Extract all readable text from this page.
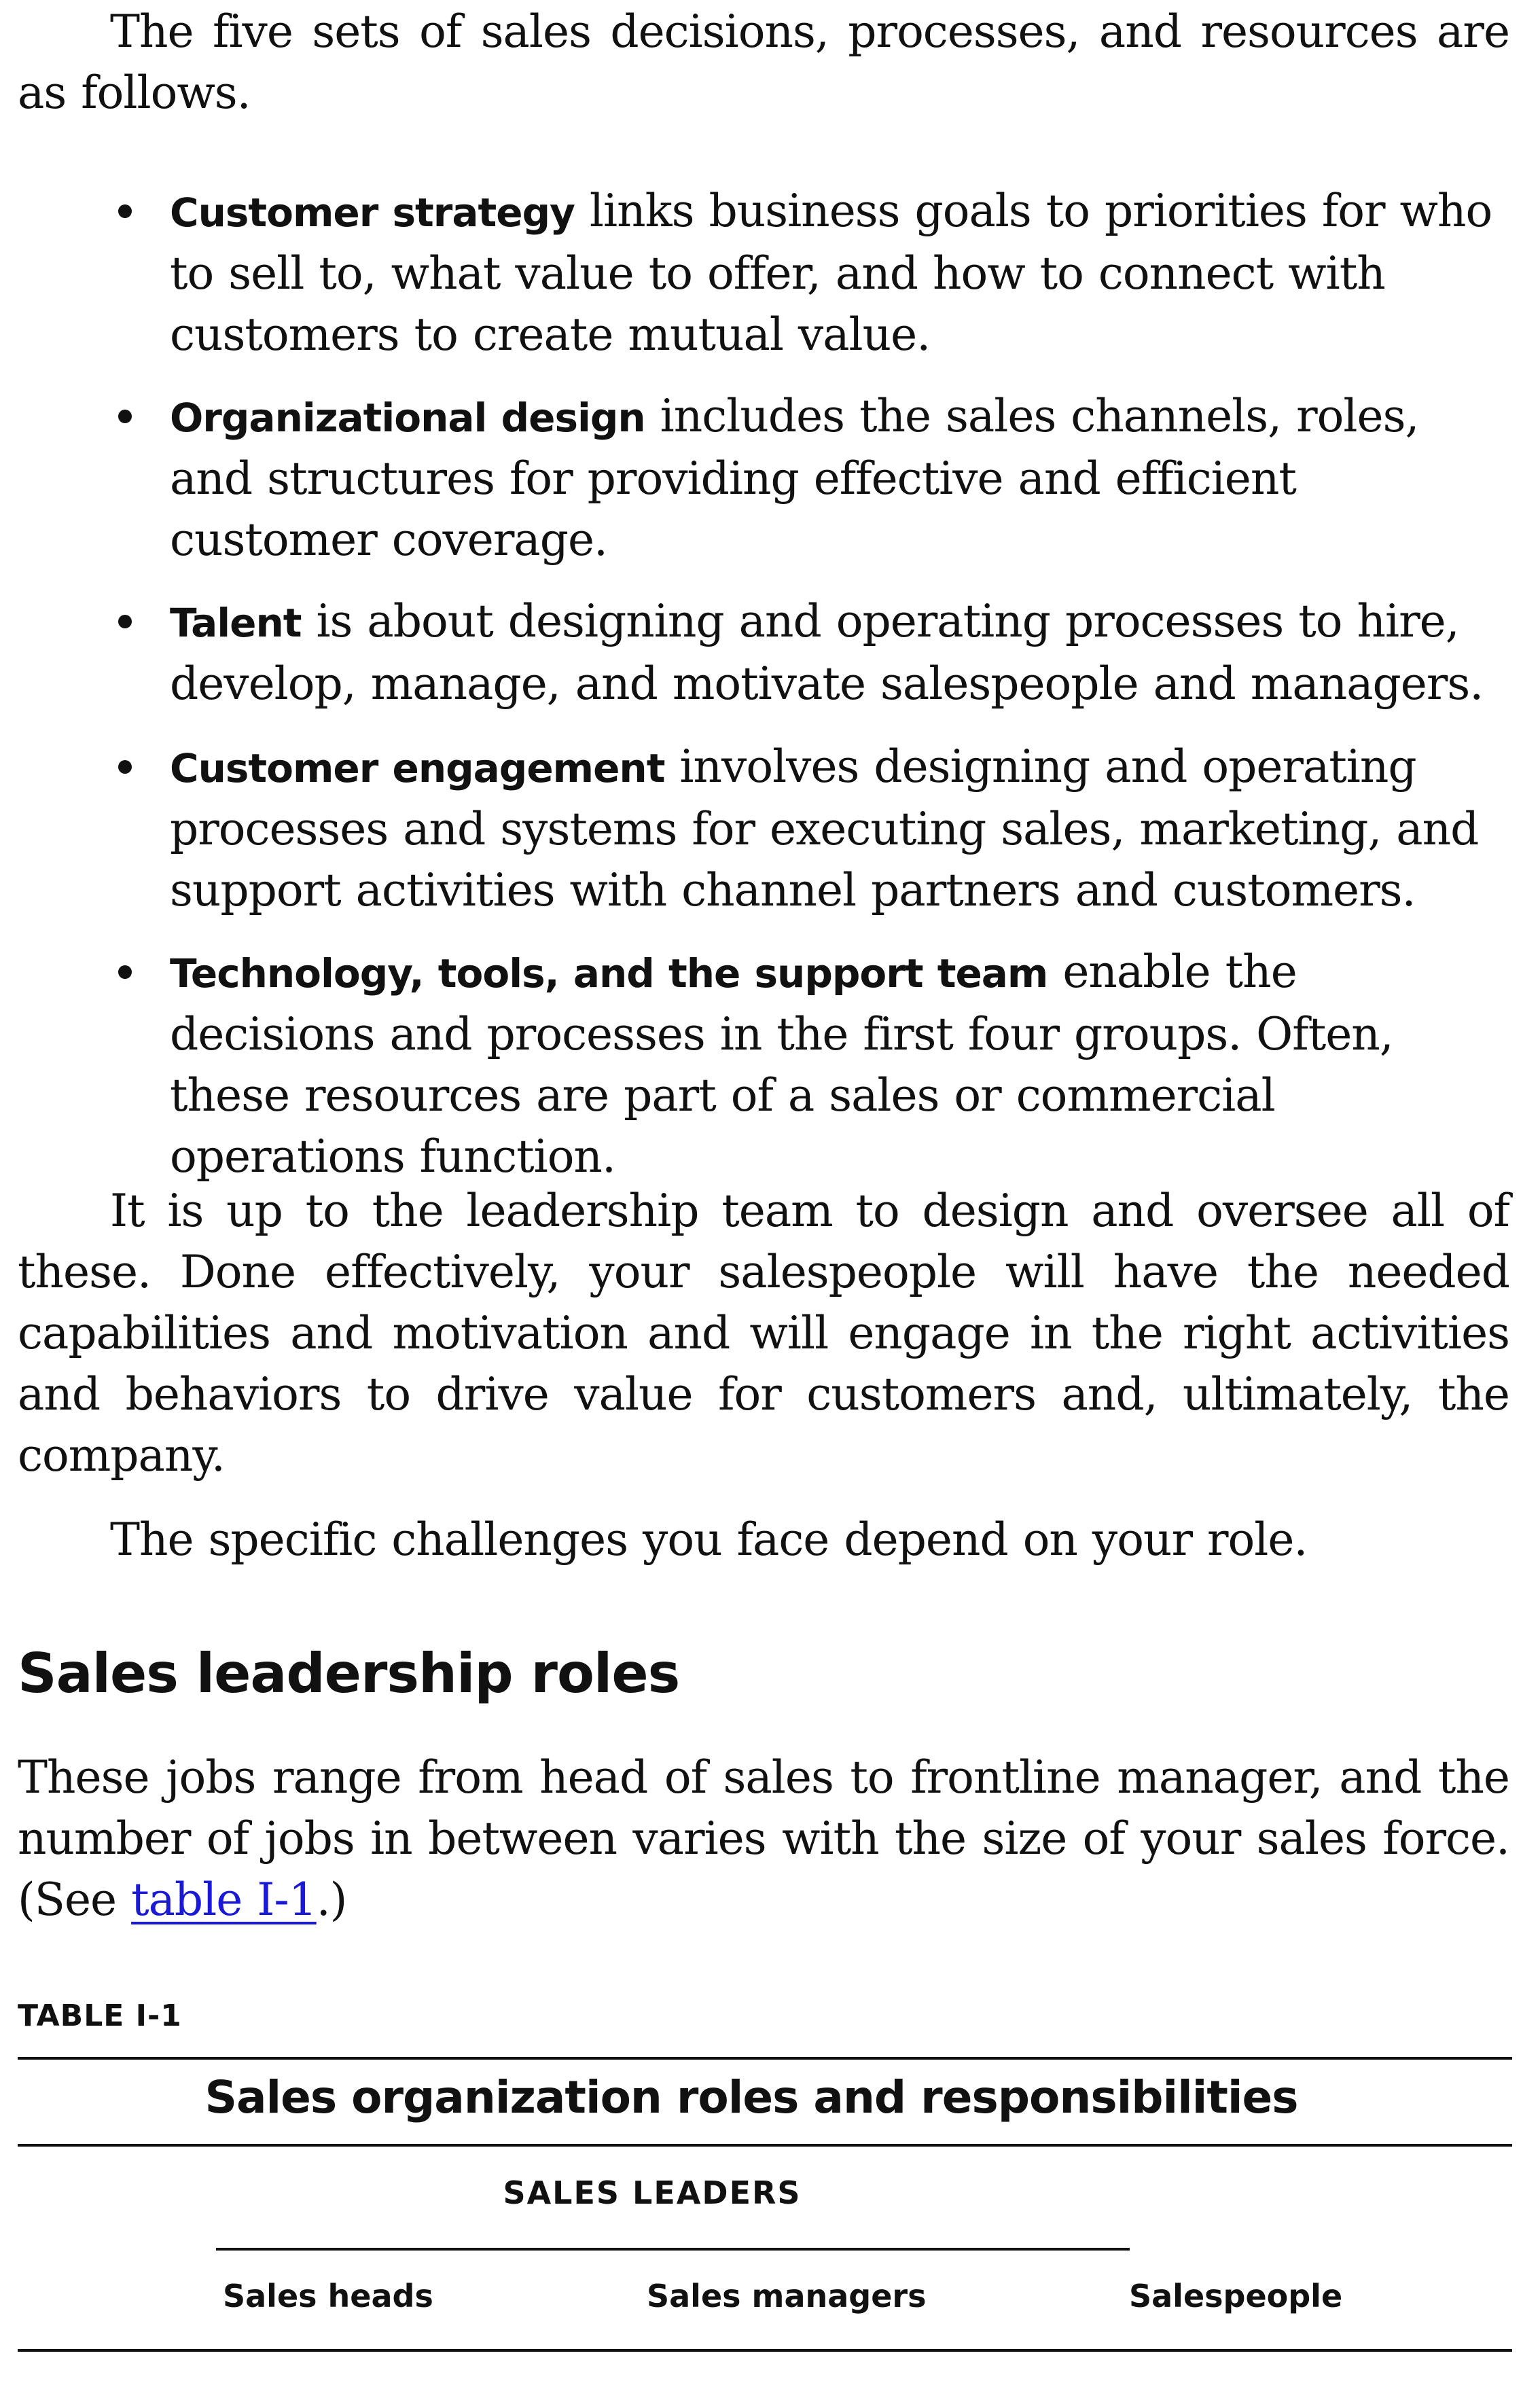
The five sets of sales decisions, processes, and resources are as follows.

Customer strategy links business goals to priorities for who to sell to, what value to offer, and how to connect with customers to create mutual value.
Organizational design includes the sales channels, roles, and structures for providing effective and efficient customer coverage.
Talent is about designing and operating processes to hire, develop, manage, and motivate salespeople and managers.
Customer engagement involves designing and operating processes and systems for executing sales, marketing, and support activities with channel partners and customers.
Technology, tools, and the support team enable the decisions and processes in the first four groups. Often, these resources are part of a sales or commercial operations function.

It is up to the leadership team to design and oversee all of these. Done effectively, your salespeople will have the needed capabilities and motivation and will engage in the right activities and behaviors to drive value for customers and, ultimately, the company.

The specific challenges you face depend on your role.

Sales leadership roles

These jobs range from head of sales to frontline manager, and the number of jobs in between varies with the size of your sales force. (See table I-1.)

TABLE I-1
Sales organization roles and responsibilities
SALES LEADERS
Sales heads	Sales managers	Salespeople
